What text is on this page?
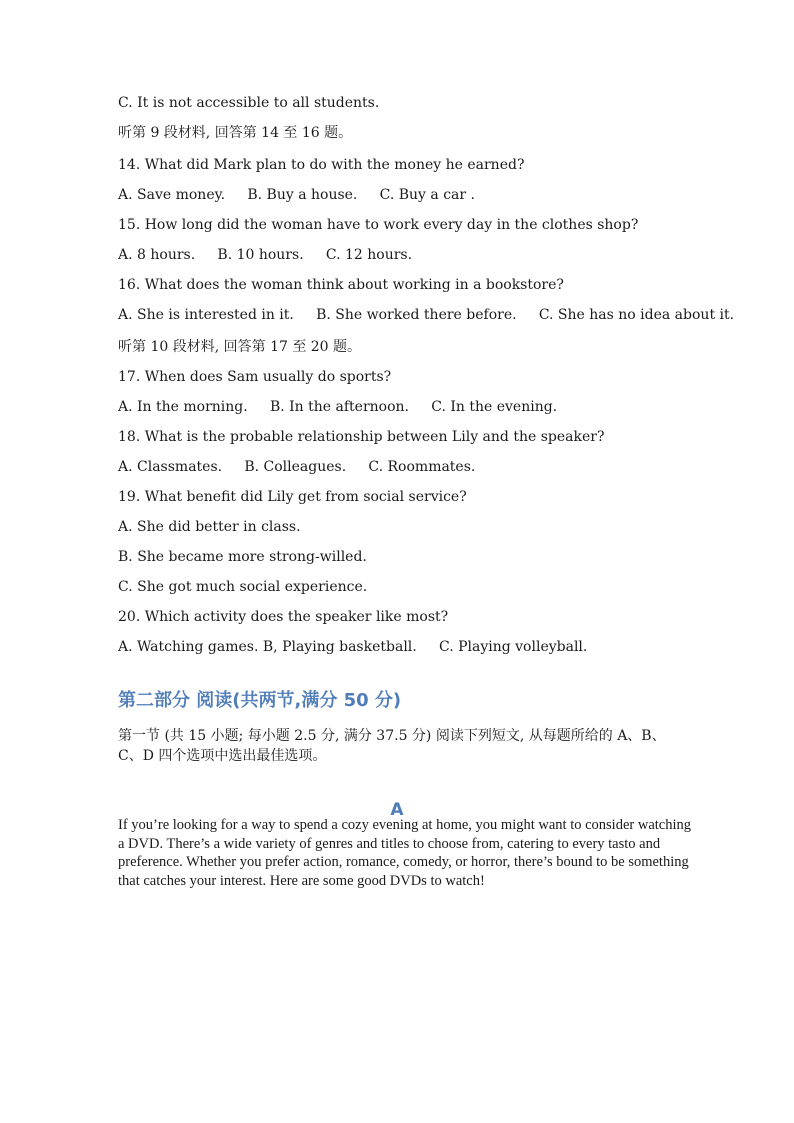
C. It is not accessible to all students.
听第 9 段材料, 回答第 14 至 16 题。
14. What did Mark plan to do with the money he earned?
A. Save money.     B. Buy a house.     C. Buy a car .
15. How long did the woman have to work every day in the clothes shop?
A. 8 hours.     B. 10 hours.     C. 12 hours.
16. What does the woman think about working in a bookstore?
A. She is interested in it.     B. She worked there before.     C. She has no idea about it.
听第 10 段材料, 回答第 17 至 20 题。
17. When does Sam usually do sports?
A. In the morning.     B. In the afternoon.     C. In the evening.
18. What is the probable relationship between Lily and the speaker?
A. Classmates.     B. Colleagues.     C. Roommates.
19. What benefit did Lily get from social service?
A. She did better in class.
B. She became more strong-willed.
C. She got much social experience.
20. Which activity does the speaker like most?
A. Watching games. B, Playing basketball.     C. Playing volleyball.
第二部分 阅读(共两节,满分 50 分)
第一节 (共 15 小题; 每小题 2.5 分, 满分 37.5 分) 阅读下列短文, 从每题所给的 A、B、C、D 四个选项中选出最佳选项。
A
If you’re looking for a way to spend a cozy evening at home, you might want to consider watching a DVD. There’s a wide variety of genres and titles to choose from, catering to every tasto and preference. Whether you prefer action, romance, comedy, or horror, there’s bound to be something that catches your interest. Here are some good DVDs to watch!
